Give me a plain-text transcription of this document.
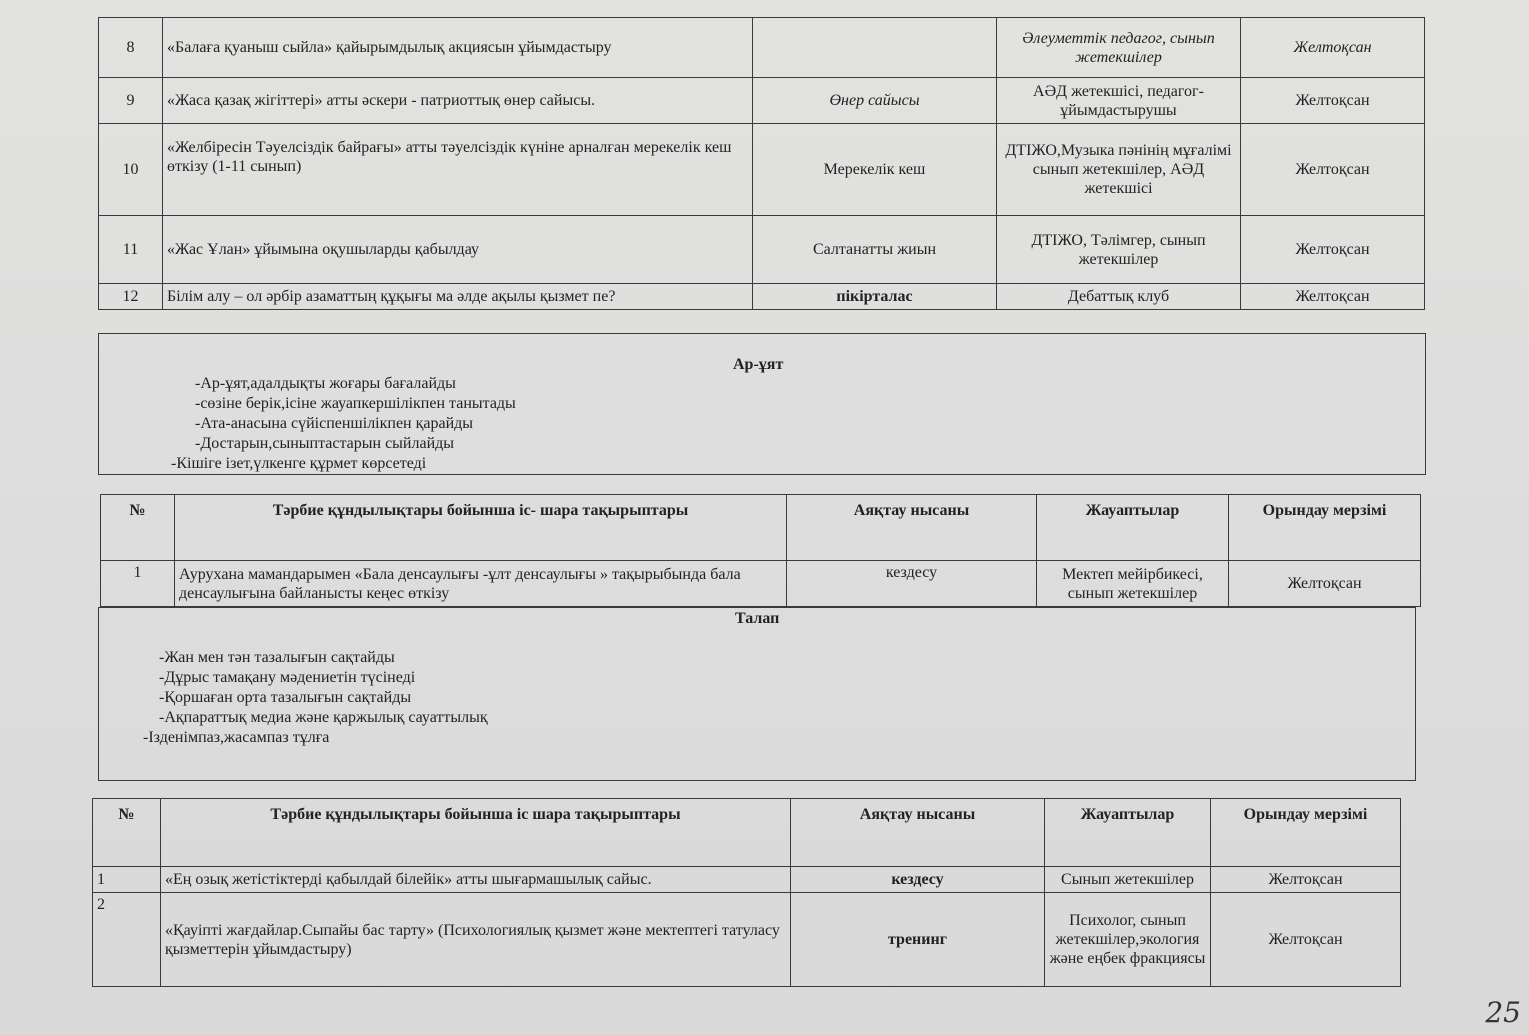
8	«Балаға қуаныш сыйла» қайырымдылық акциясын ұйымдастыру		Әлеуметтік педагог, сынып жетекшілер	Желтоқсан
9	«Жаса қазақ жігіттері» атты әскери - патриоттық өнер сайысы.	Өнер сайысы	АӘД жетекшісі, педагог-ұйымдастырушы	Желтоқсан
10	«Желбіресін Тәуелсіздік байрағы» атты тәуелсіздік күніне арналған мерекелік кеш өткізу (1-11 сынып)	Мерекелік кеш	ДТІЖО,Музыка пәнінің мұғалімі сынып жетекшілер, АӘД жетекшісі	Желтоқсан
11	«Жас Ұлан» ұйымына оқушыларды қабылдау	Салтанатты жиын	ДТІЖО, Тәлімгер, сынып жетекшілер	Желтоқсан
12	Білім алу – ол әрбір азаматтың құқығы ма әлде ақылы қызмет пе?	пікірталас	Дебаттық клуб	Желтоқсан
Ар-ұят
-Ар-ұят,адалдықты жоғары бағалайды
-сөзіне берік,ісіне жауапкершілікпен танытады
-Ата-анасына сүйіспеншілікпен қарайды
-Достарын,сыныптастарын сыйлайды
-Кішіге ізет,үлкенге құрмет көрсетеді
№	Тәрбие құндылықтары бойынша іс- шара тақырыптары	Аяқтау нысаны	Жауаптылар	Орындау мерзімі
1	Аурухана мамандарымен «Бала денсаулығы -ұлт денсаулығы » тақырыбында бала денсаулығына байланысты кеңес өткізу	кездесу	Мектеп мейірбикесі, сынып жетекшілер	Желтоқсан
Талап
-Жан мен тән тазалығын сақтайды
-Дұрыс тамақану мәдениетін түсінеді
-Қоршаған орта тазалығын сақтайды
-Ақпараттық медиа және қаржылық сауаттылық
-Ізденімпаз,жасампаз тұлға
№	Тәрбие құндылықтары бойынша іс шара тақырыптары	Аяқтау нысаны	Жауаптылар	Орындау мерзімі
1	«Ең озық жетістіктерді қабылдай білейік» атты шығармашылық сайыс.	кездесу	Сынып жетекшілер	Желтоқсан
2	«Қауіпті жағдайлар.Сыпайы бас тарту» (Психологиялық қызмет және мектептегі татуласу қызметтерін ұйымдастыру)	тренинг	Психолог, сынып жетекшілер,экология және еңбек фракциясы	Желтоқсан
25
